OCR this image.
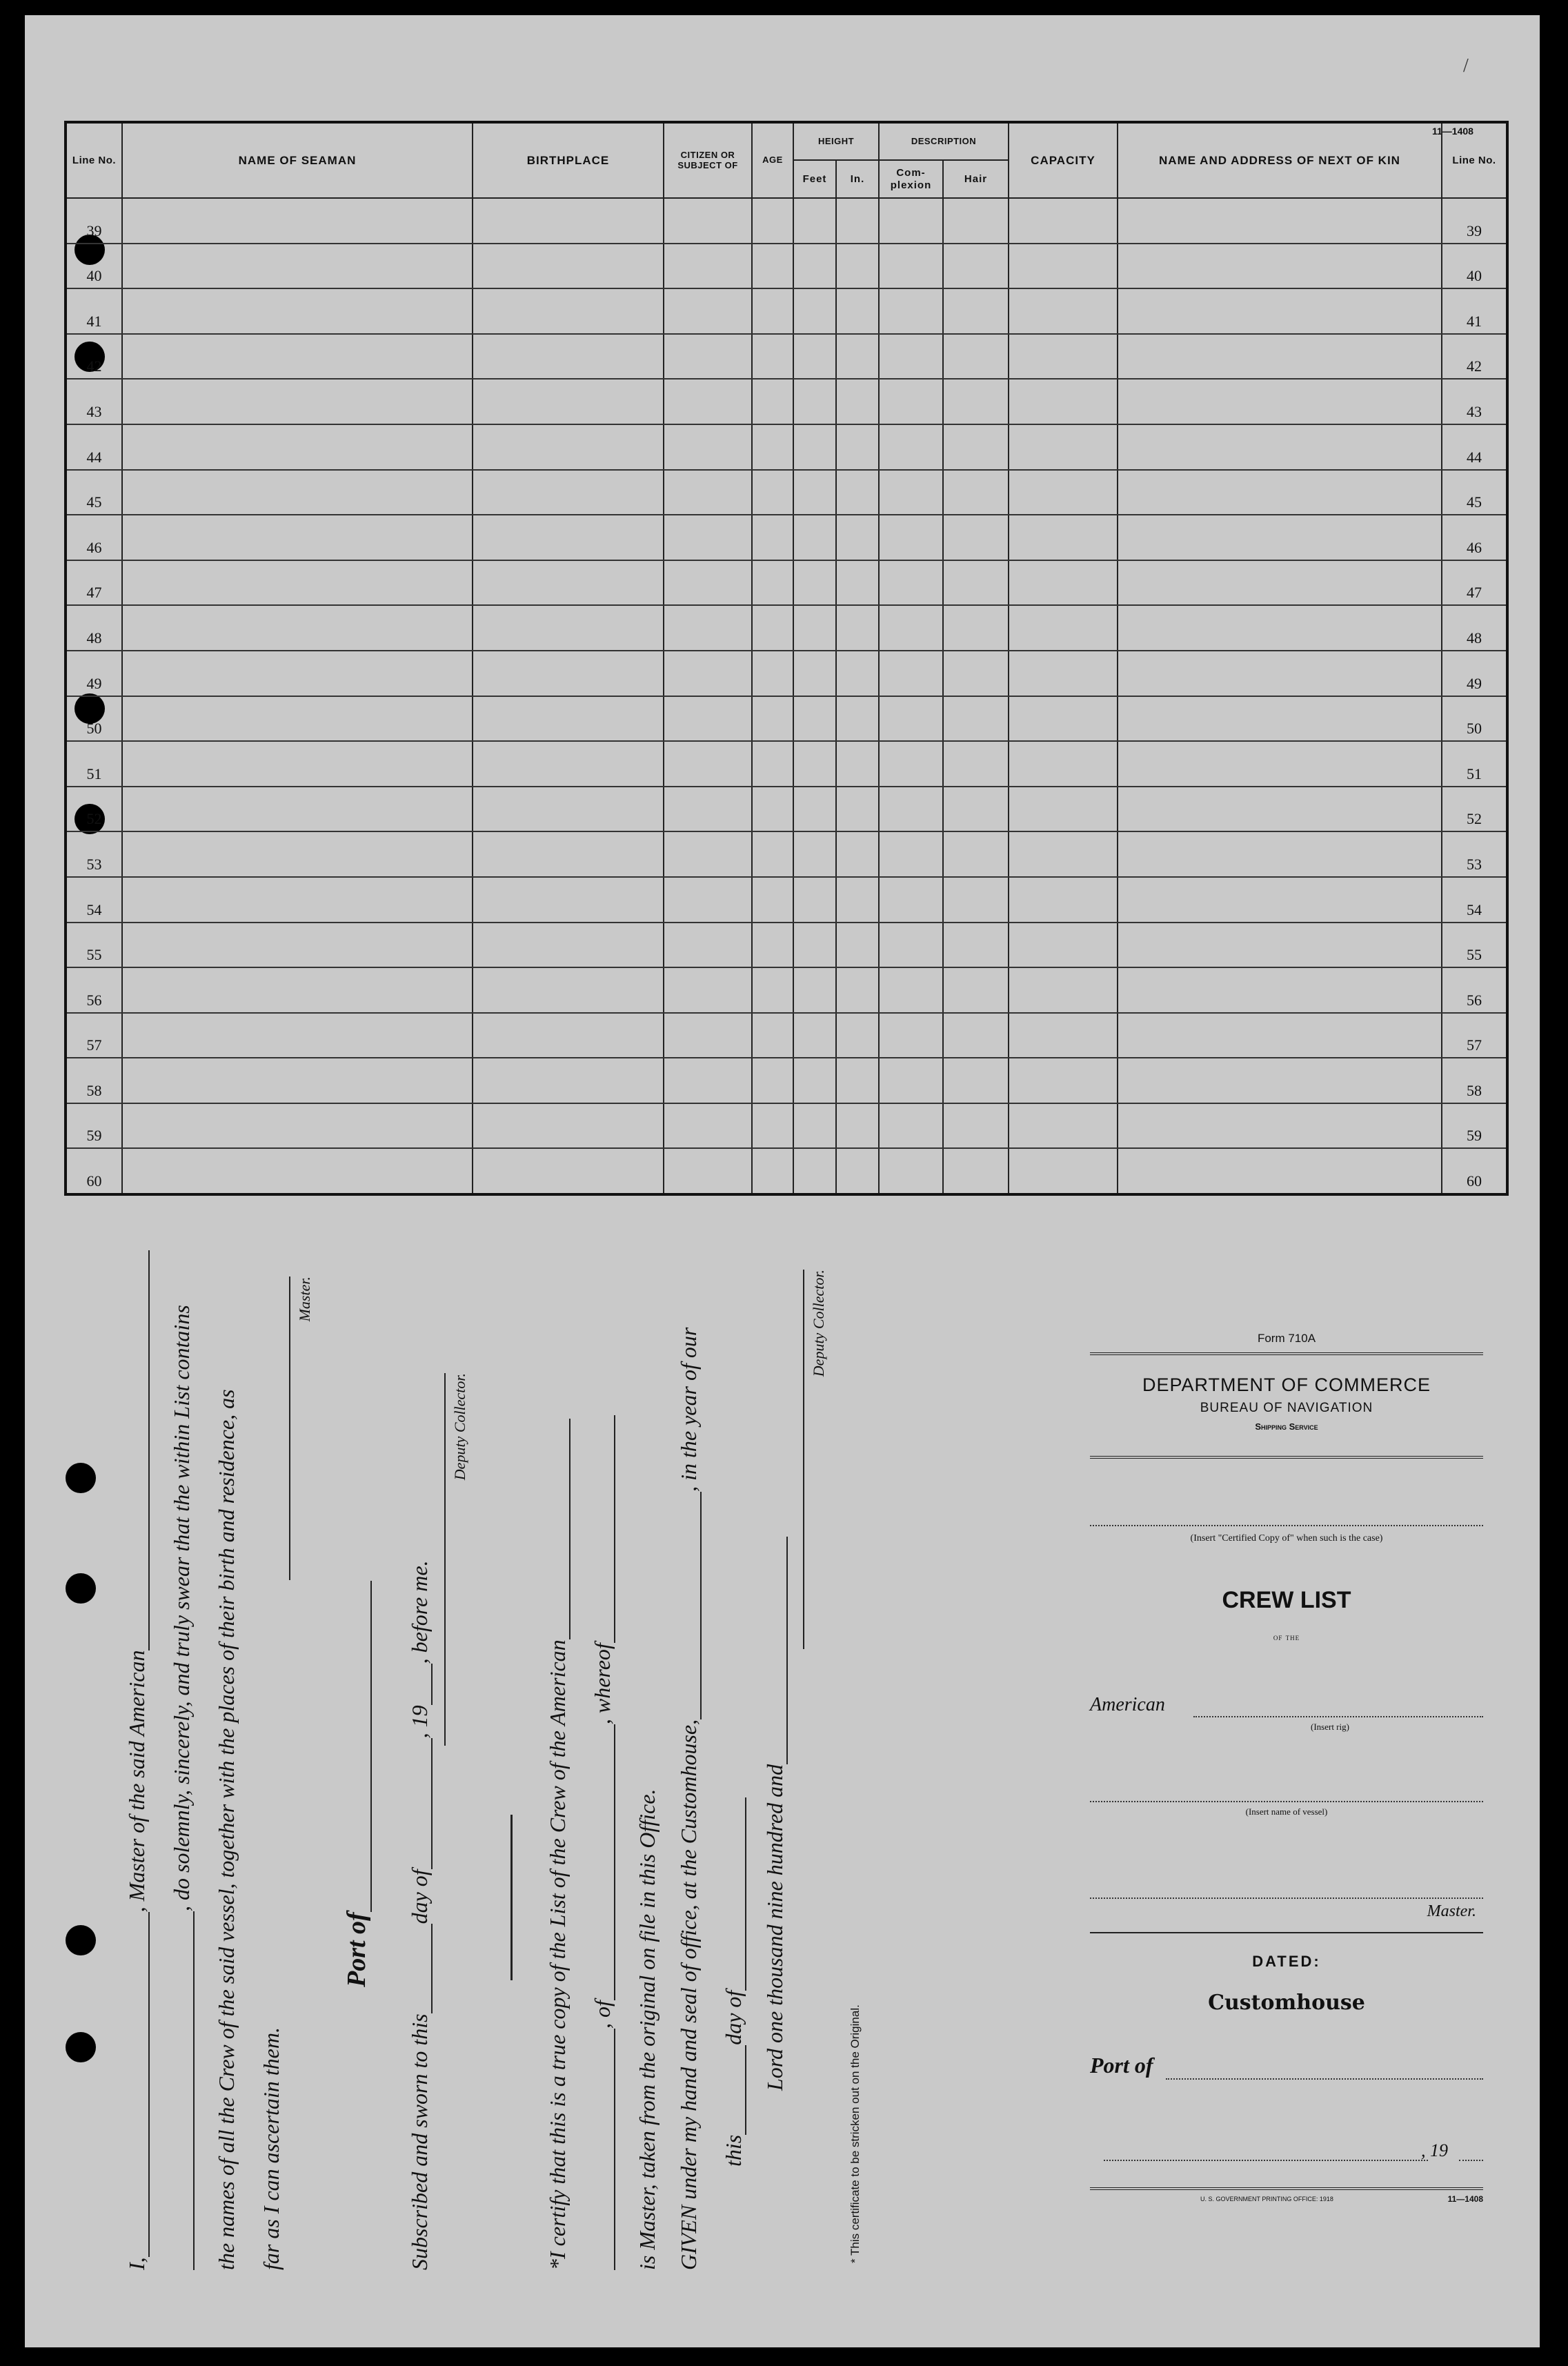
/
11—1408
Line No.	NAME OF SEAMAN	BIRTHPLACE	CITIZEN OR SUBJECT OF	AGE	HEIGHT		DESCRIPTION		CAPACITY	NAME AND ADDRESS OF NEXT OF KIN	Line No.
					Feet	In.	Com-plexion	Hair			
39											39
40											40
41											41
42											42
43											43
44											44
45											45
46											46
47											47
48											48
49											49
50											50
51											51
52											52
53											53
54											54
55											55
56											56
57											57
58											58
59											59
60											60
I,, Master of the said American , do solemnly, sincerely, and truly swear that the within List contains the names of all the Crew of the said vessel, together with the places of their birth and residence, as far as I can ascertain them.
Master.
Port of
Subscribed and sworn to thisday of, 19, before me.
Deputy Collector.
*I certify that this is a true copy of the List of the Crew of the American , of, whereof
is Master, taken from the original on file in this Office. GIVEN under my hand and seal of office, at the Customhouse,, in the year of our
thisday of Lord one thousand nine hundred and
Deputy Collector.
* This certificate to be stricken out on the Original.
Form 710A
DEPARTMENT OF COMMERCE
BUREAU OF NAVIGATION
Shipping Service
(Insert "Certified Copy of" when such is the case)
CREW LIST
of the
American
(Insert rig)
(Insert name of vessel)
Master.
DATED:
Customhouse
Port of
, 19
U. S. GOVERNMENT PRINTING OFFICE: 1918	11—1408
